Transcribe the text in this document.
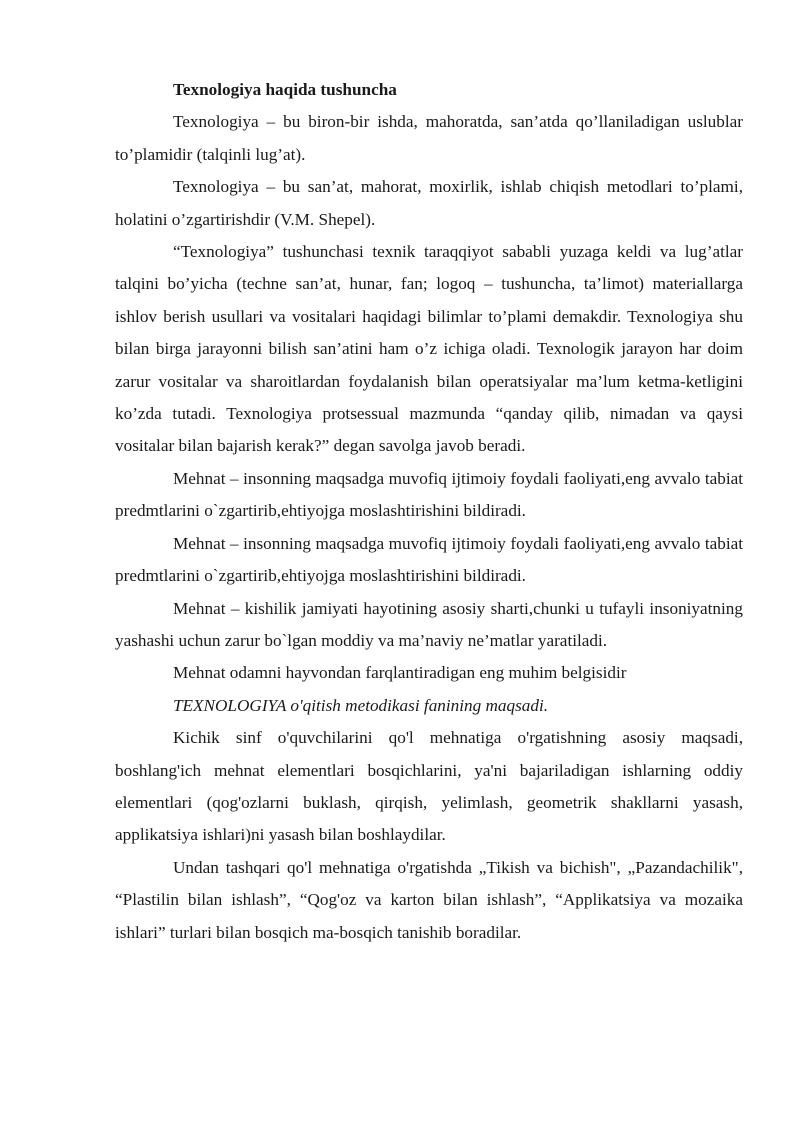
Texnologiya haqida tushuncha

Texnologiya – bu biron-bir ishda, mahoratda, san’atda qo’llaniladigan uslublar to’plamidir (talqinli lug’at).

Texnologiya – bu san’at, mahorat, moxirlik, ishlab chiqish metodlari to’plami, holatini o’zgartirishdir (V.M. Shepel).

“Texnologiya” tushunchasi texnik taraqqiyot sababli yuzaga keldi va lug’atlar talqini bo’yicha (techne san’at, hunar, fan; logoq – tushuncha, ta’limot) materiallarga ishlov berish usullari va vositalari haqidagi bilimlar to’plami demakdir. Texnologiya shu bilan birga jarayonni bilish san’atini ham o’z ichiga oladi. Texnologik jarayon har doim zarur vositalar va sharoitlardan foydalanish bilan operatsiyalar ma’lum ketma-ketligini ko’zda tutadi. Texnologiya protsessual mazmunda “qanday qilib, nimadan va qaysi vositalar bilan bajarish kerak?” degan savolga javob beradi.

Mehnat – insonning maqsadga muvofiq ijtimoiy foydali faoliyati,eng avvalo tabiat predmtlarini o`zgartirib,ehtiyojga moslashtirishini bildiradi.

Mehnat – insonning maqsadga muvofiq ijtimoiy foydali faoliyati,eng avvalo tabiat predmtlarini o`zgartirib,ehtiyojga moslashtirishini bildiradi.

Mehnat – kishilik jamiyati hayotining asosiy sharti,chunki u tufayli insoniyatning yashashi uchun zarur bo`lgan moddiy va ma’naviy ne’matlar yaratiladi.

Mehnat odamni hayvondan farqlantiradigan eng muhim belgisidir

TEXNOLOGIYA o'qitish metodikasi fanining maqsadi.

Kichik sinf o'quvchilarini qo'l mehnatiga o'rgatishning asosiy maqsadi, boshlang'ich mehnat elementlari bosqichlarini, ya'ni bajariladigan ishlarning oddiy elementlari (qog'ozlarni buklash, qirqish, yelimlash, geometrik shakllarni yasash, applikatsiya ishlari)ni yasash bilan boshlaydilar.

Undan tashqari qo'l mehnatiga o'rgatishda „Tikish va bichish", „Pazandachilik", “Plastilin bilan ishlash”, “Qog'oz va karton bilan ishlash”, “Applikatsiya va mozaika ishlari” turlari bilan bosqich ma-bosqich tanishib boradilar.
